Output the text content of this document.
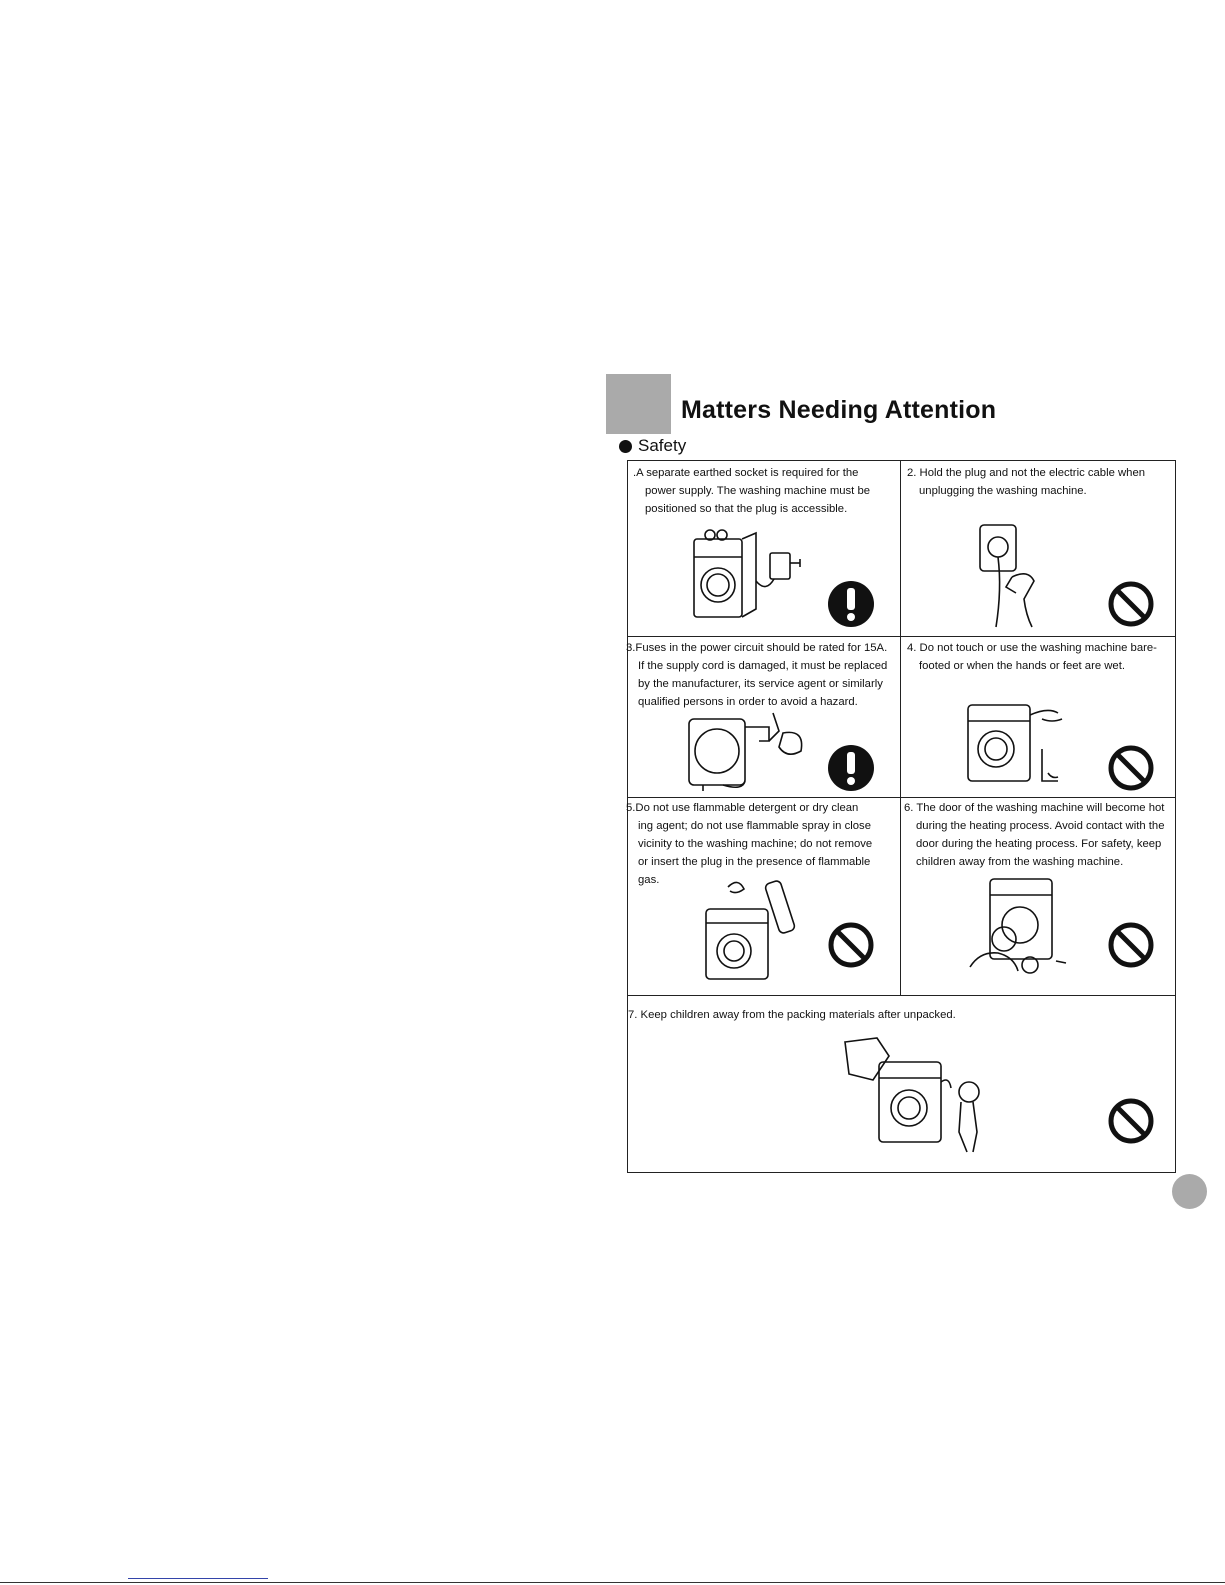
Matters Needing Attention
Safety

.A separate earthed socket is required for the

power supply. The washing machine must be

positioned so that the plug is accessible.

2. Hold the plug and not the electric cable when

unplugging the washing machine.

3.Fuses in the power circuit should be rated for 15A.

If the supply cord is damaged, it must be replaced

by the manufacturer, its service agent or similarly

qualified persons in order to avoid a hazard.

4. Do not touch or use the washing machine bare-

footed or when the hands or feet are wet.

5.Do not use flammable detergent or dry clean

ing agent; do not use flammable spray in close

vicinity to the washing machine; do not remove

or insert the plug in the presence of flammable

gas.

6. The door of the washing machine will become hot

during the heating process. Avoid contact with the

door during the heating process. For safety, keep

children away from the washing machine.

7. Keep children away from the packing materials after unpacked.
